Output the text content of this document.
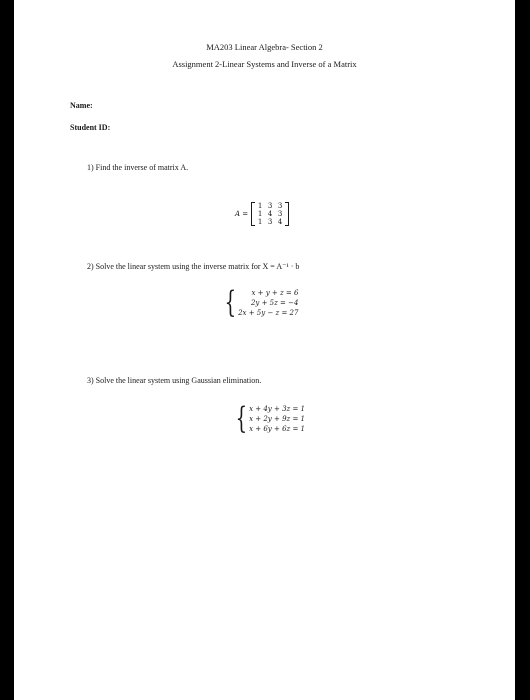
MA203 Linear Algebra- Section 2
Assignment 2-Linear Systems and Inverse of a Matrix
Name:
Student ID:
1) Find the inverse of matrix A.
A =
1 3 3
1 4 3
1 3 4
2) Solve the linear system using the inverse matrix for X = A⁻¹ · b
{ x + y + z = 6
2y + 5z = −4
2x + 5y − z = 27
3) Solve the linear system using Gaussian elimination.
{ x + 4y + 3z = 1
x + 2y + 9z = 1
x + 6y + 6z = 1
